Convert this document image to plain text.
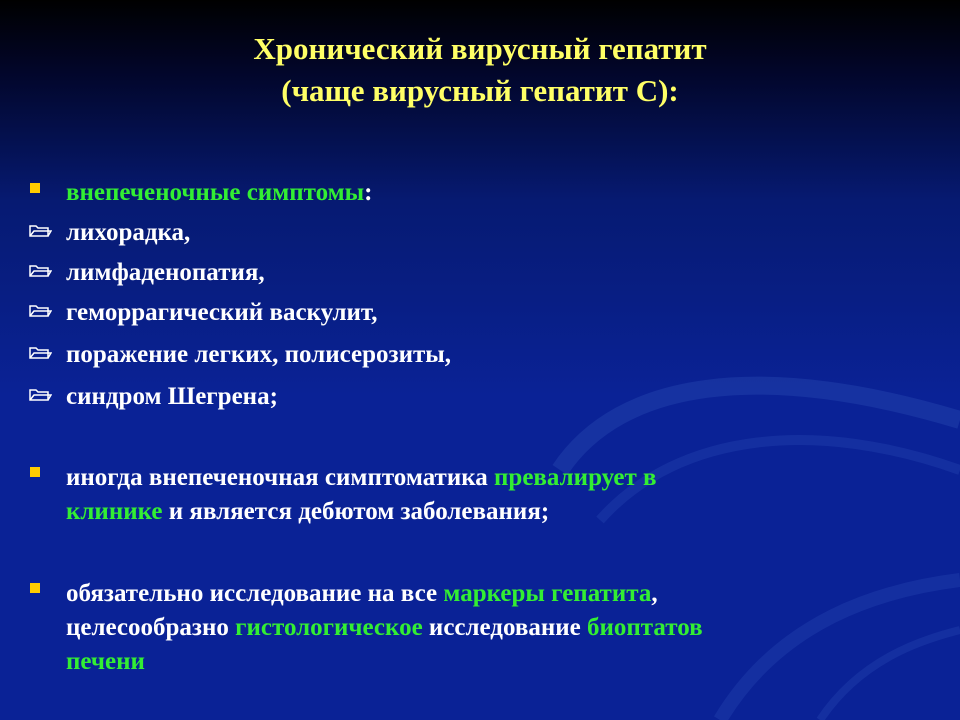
Хронический вирусный гепатит
(чаще вирусный гепатит С):
внепеченочные симптомы:
лихорадка,
лимфаденопатия,
геморрагический васкулит,
поражение легких, полисерозиты,
синдром Шегрена;
иногда внепеченочная симптоматика превалирует в
клинике и является дебютом заболевания;
обязательно исследование на все маркеры гепатита,
целесообразно гистологическое исследование биоптатов
печени
